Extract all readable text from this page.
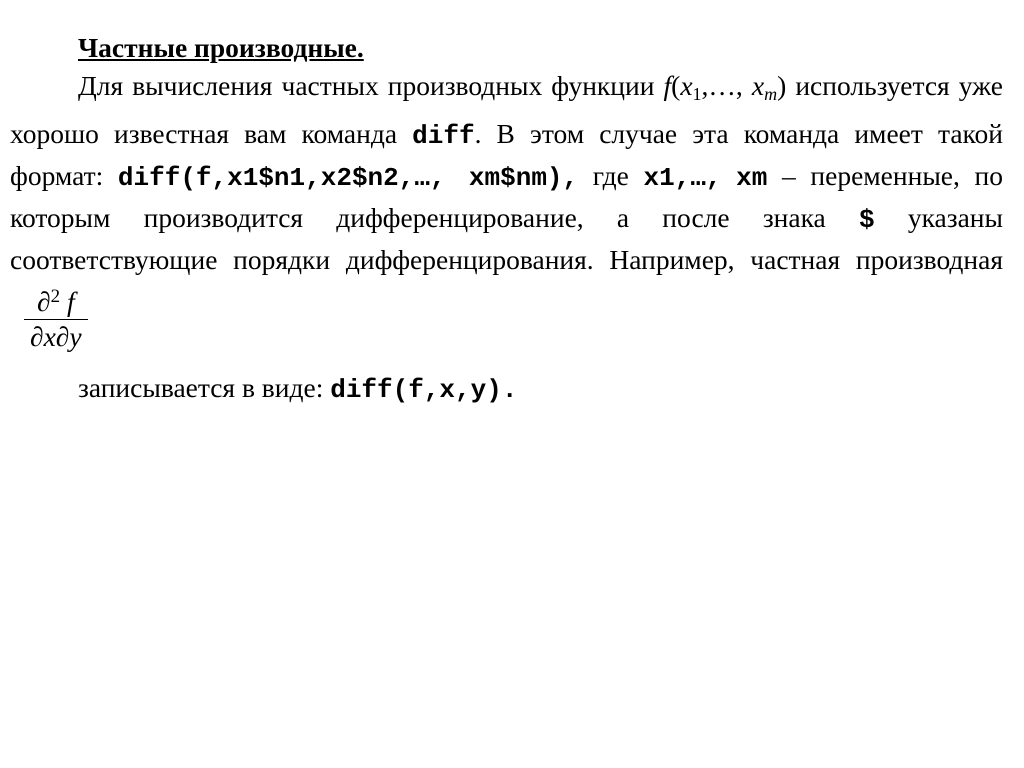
Частные производные.

Для вычисления частных производных функции $f(x_1,\dots$, $x_m$) используется уже хорошо известная вам команда diff. В этом случае эта команда имеет такой формат: diff(f,x1$n1,x2$n2,…, xm$nm), где x1,…, xm – переменные, по которым производится дифференцирование, а после знака $ указаны соответствующие порядки дифференцирования. Например, частная производная
$\frac{\partial^2 f}{\partial x\partial y}$
записывается в виде: diff(f,x,y).
